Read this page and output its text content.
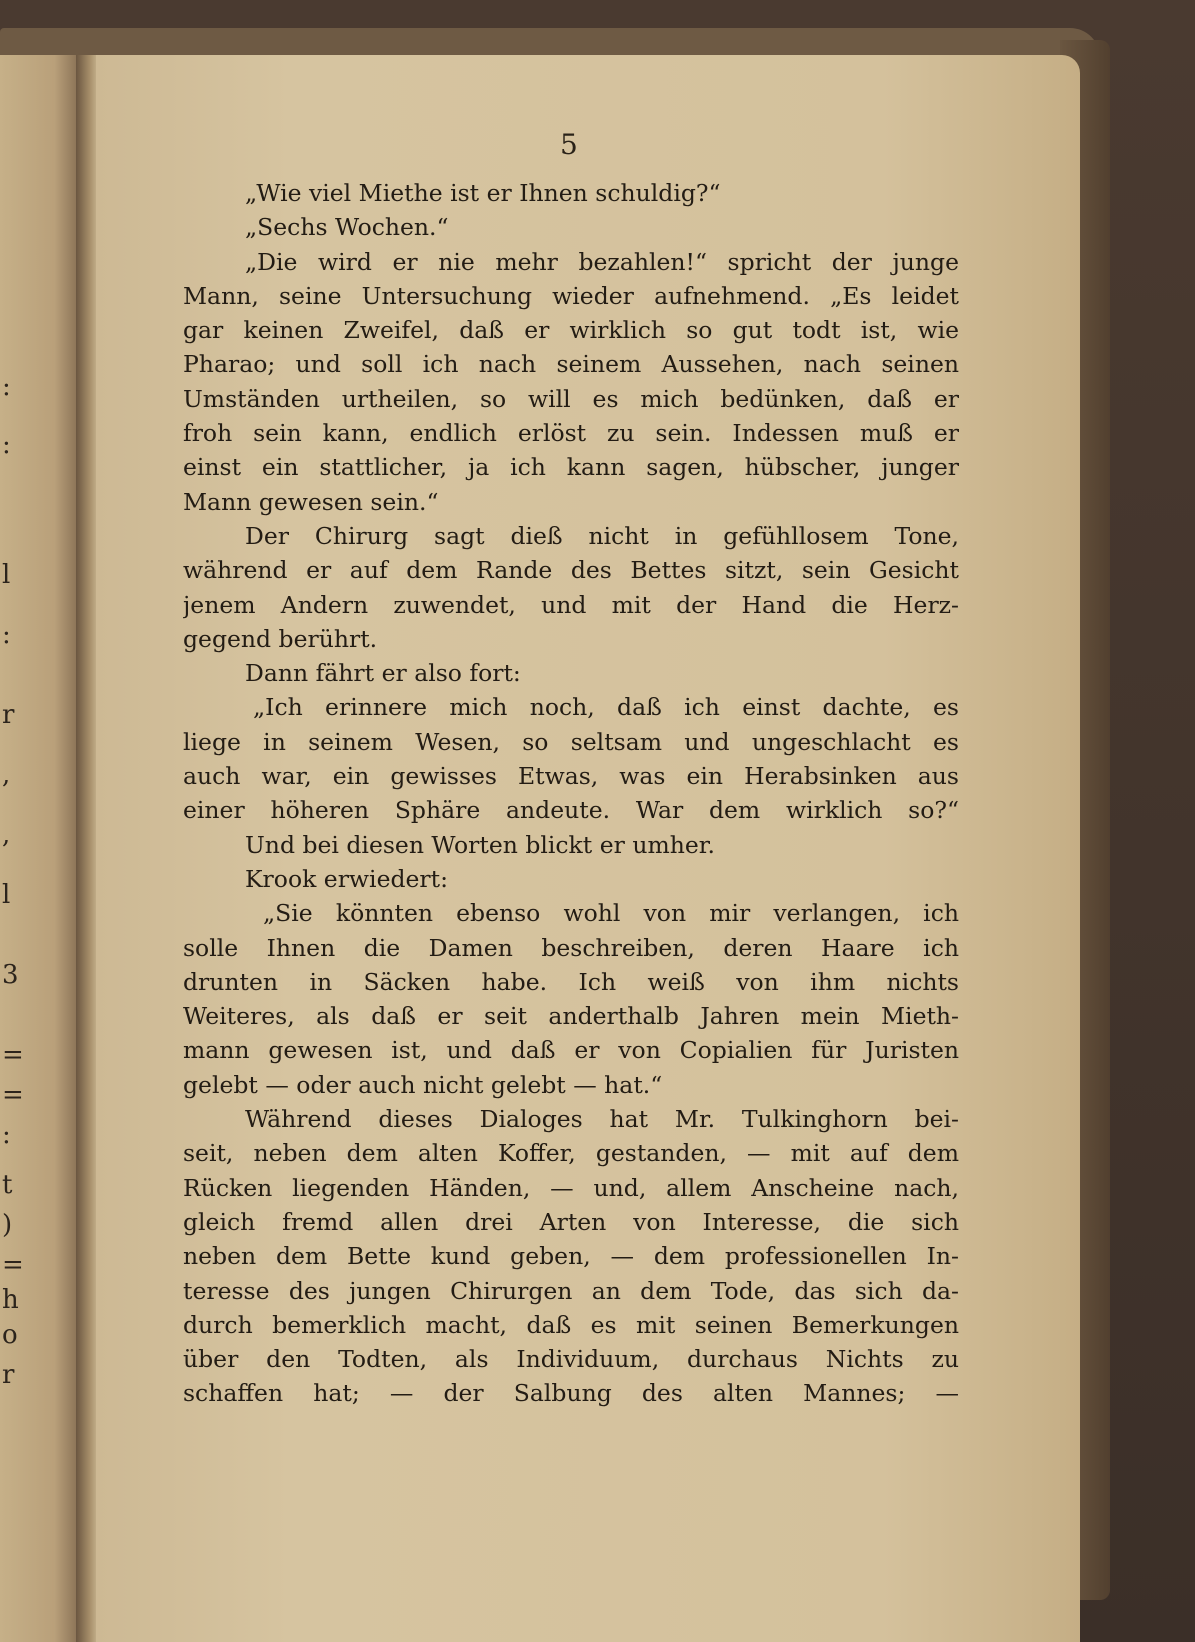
:
:
l
:
r
,
,
l
3
=
=
:
t
)
=
h
o
r
5
„Wie viel Miethe ist er Ihnen schuldig?“
„Sechs Wochen.“
„Die wird er nie mehr bezahlen!“ spricht der junge
Mann, seine Untersuchung wieder aufnehmend. „Es leidet
gar keinen Zweifel, daß er wirklich so gut todt ist, wie
Pharao; und soll ich nach seinem Aussehen, nach seinen
Umständen urtheilen, so will es mich bedünken, daß er
froh sein kann, endlich erlöst zu sein. Indessen muß er
einst ein stattlicher, ja ich kann sagen, hübscher, junger
Mann gewesen sein.“
Der Chirurg sagt dieß nicht in gefühllosem Tone,
während er auf dem Rande des Bettes sitzt, sein Gesicht
jenem Andern zuwendet, und mit der Hand die Herz-
gegend berührt.
Dann fährt er also fort:
„Ich erinnere mich noch, daß ich einst dachte, es
liege in seinem Wesen, so seltsam und ungeschlacht es
auch war, ein gewisses Etwas, was ein Herabsinken aus
einer höheren Sphäre andeute. War dem wirklich so?“
Und bei diesen Worten blickt er umher.
Krook erwiedert:
„Sie könnten ebenso wohl von mir verlangen, ich
solle Ihnen die Damen beschreiben, deren Haare ich
drunten in Säcken habe. Ich weiß von ihm nichts
Weiteres, als daß er seit anderthalb Jahren mein Mieth-
mann gewesen ist, und daß er von Copialien für Juristen
gelebt — oder auch nicht gelebt — hat.“
Während dieses Dialoges hat Mr. Tulkinghorn bei-
seit, neben dem alten Koffer, gestanden, — mit auf dem
Rücken liegenden Händen, — und, allem Anscheine nach,
gleich fremd allen drei Arten von Interesse, die sich
neben dem Bette kund geben, — dem professionellen In-
teresse des jungen Chirurgen an dem Tode, das sich da-
durch bemerklich macht, daß es mit seinen Bemerkungen
über den Todten, als Individuum, durchaus Nichts zu
schaffen hat; — der Salbung des alten Mannes; —
